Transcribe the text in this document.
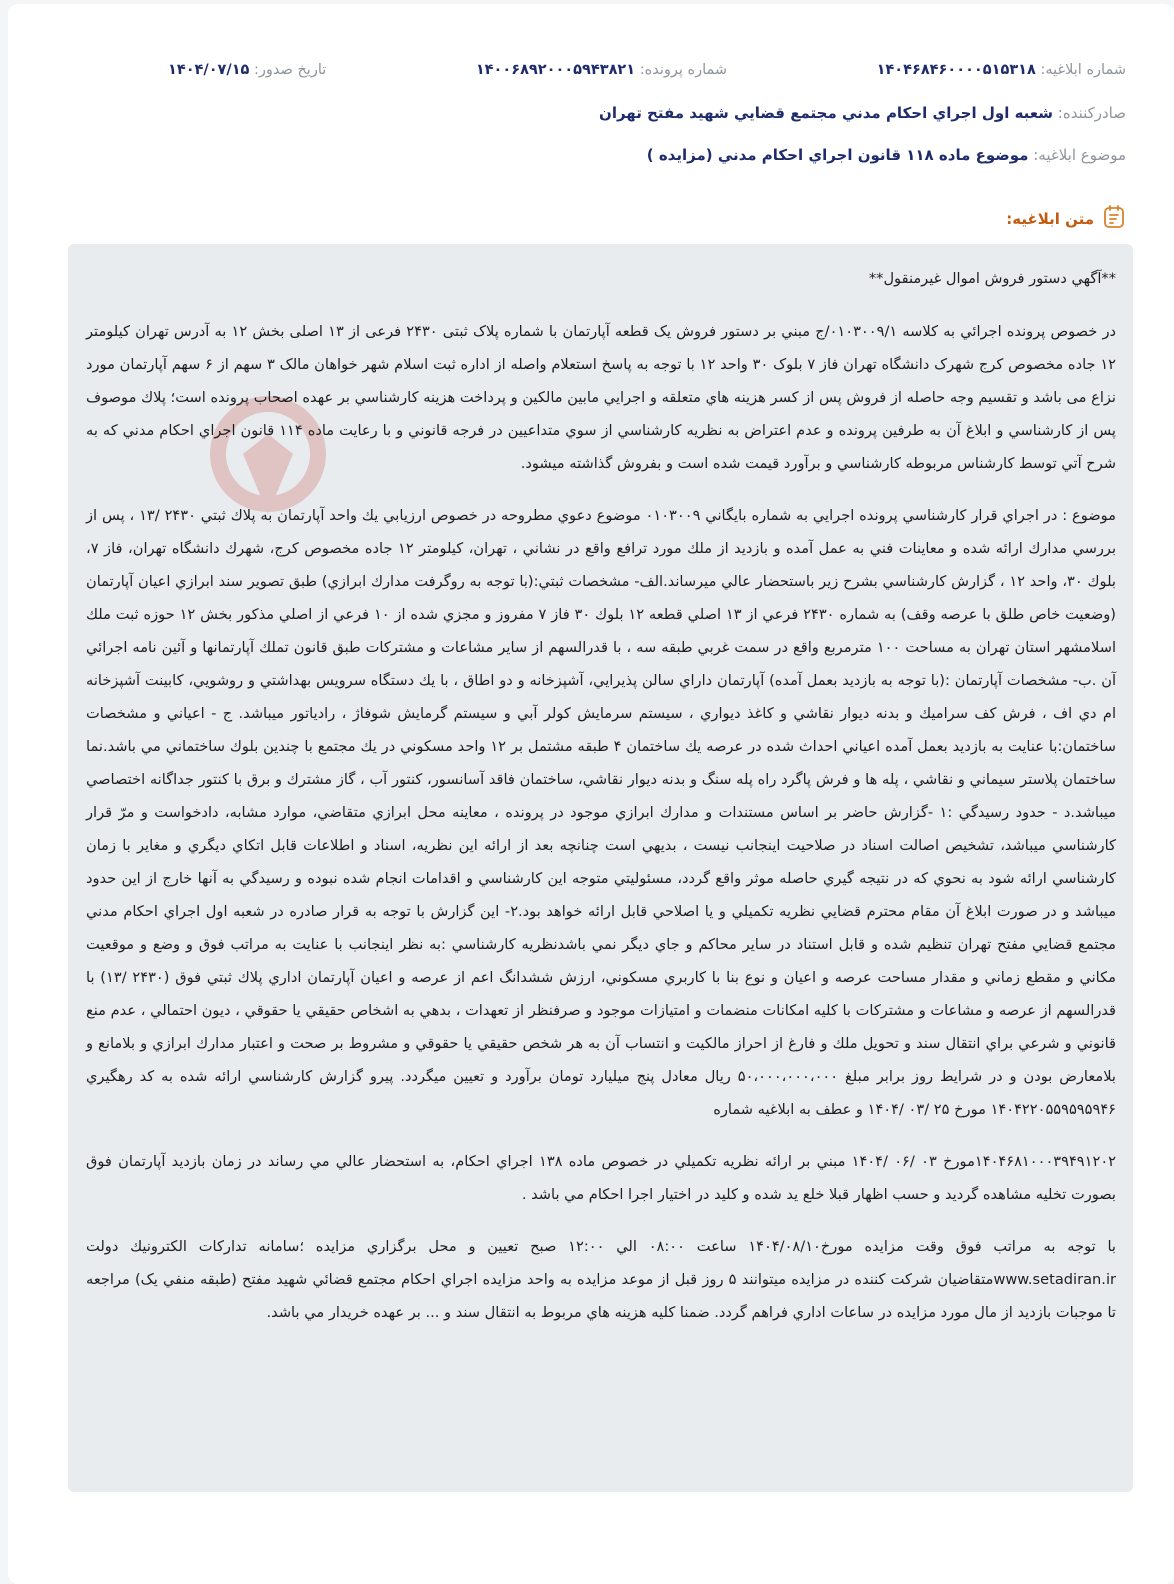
شماره ابلاغیه: ۱۴۰۴۶۸۴۶۰۰۰۰۵۱۵۳۱۸
شماره پرونده: ۱۴۰۰۶۸۹۲۰۰۰۵۹۴۳۸۲۱
تاریخ صدور: ۱۴۰۴/۰۷/۱۵
صادرکننده: شعبه اول اجراي احكام مدني مجتمع قضايي شهيد مفتح تهران
موضوع ابلاغیه: موضوع ماده ۱۱۸ قانون اجراي احكام مدني (مزايده )
متن ابلاغیه:

**آگهي دستور فروش اموال غيرمنقول**

در خصوص پرونده اجرائي به كلاسه ۰۱۰۳۰۰۹/۱/ج مبني بر دستور فروش يک قطعه آپارتمان با شماره پلاک ثبتی ۲۴۳۰ فرعی از ۱۳ اصلی بخش ۱۲ به آدرس تهران کیلومتر ۱۲ جاده مخصوص کرج شهرک دانشگاه تهران فاز ۷ بلوک ۳۰ واحد ۱۲ با توجه به پاسخ استعلام واصله از اداره ثبت اسلام شهر خواهان مالک ۳ سهم از ۶ سهم آپارتمان مورد نزاع می باشد و تقسیم وجه حاصله از فروش پس از کسر هزینه هاي متعلقه و اجرايي مابين مالكين و پرداخت هزينه كارشناسي بر عهده اصحاب پرونده است؛ پلاك موصوف پس از كارشناسي و ابلاغ آن به طرفين پرونده و عدم اعتراض به نظريه كارشناسي از سوي متداعيين در فرجه قانوني و با رعايت ماده ۱۱۴ قانون اجراي احكام مدني كه به شرح آتي توسط كارشناس مربوطه كارشناسي و برآورد قيمت شده است و بفروش گذاشته ميشود.

موضوع : در اجراي قرار كارشناسي پرونده اجرايي به شماره بايگاني ۰۱۰۳۰۰۹ موضوع دعوي مطروحه در خصوص ارزيابي يك واحد آپارتمان به پلاك ثبتي ۲۴۳۰ /۱۳ ، پس از بررسي مدارك ارائه شده و معاينات فني به عمل آمده و بازديد از ملك مورد ترافع واقع در نشاني ، تهران، كيلومتر ۱۲ جاده مخصوص كرج، شهرك دانشگاه تهران، فاز ۷، بلوك ۳۰، واحد ۱۲ ، گزارش كارشناسي بشرح زير باستحضار عالي ميرساند.الف- مشخصات ثبتي:(با توجه به روگرفت مدارك ابرازي) طبق تصوير سند ابرازي اعيان آپارتمان (وضعيت خاص طلق با عرصه وقف) به شماره ۲۴۳۰ فرعي از ۱۳ اصلي قطعه ۱۲ بلوك ۳۰ فاز ۷ مفروز و مجزي شده از ۱۰ فرعي از اصلي مذكور بخش ۱۲ حوزه ثبت ملك اسلامشهر استان تهران به مساحت ۱۰۰ مترمربع واقع در سمت غربي طبقه سه ، با قدرالسهم از ساير مشاعات و مشتركات طبق قانون تملك آپارتمانها و آئين نامه اجرائي آن .ب- مشخصات آپارتمان :(با توجه به بازديد بعمل آمده) آپارتمان داراي سالن پذيرايي، آشپزخانه و دو اطاق ، با يك دستگاه سرويس بهداشتي و روشويي، كابينت آشپزخانه ام دي اف ، فرش كف سراميك و بدنه ديوار نقاشي و كاغذ ديواري ، سيستم سرمايش كولر آبي و سيستم گرمايش شوفاژ ، رادياتور ميباشد. ج - اعياني و مشخصات ساختمان:با عنايت به بازديد بعمل آمده اعياني احداث شده در عرصه يك ساختمان ۴ طبقه مشتمل بر ۱۲ واحد مسكوني در يك مجتمع با چندين بلوك ساختماني مي باشد.نما ساختمان پلاستر سيماني و نقاشي ، پله ها و فرش پاگرد راه پله سنگ و بدنه ديوار نقاشي، ساختمان فاقد آسانسور، كنتور آب ، گاز مشترك و برق با كنتور جداگانه اختصاصي ميباشد.د - حدود رسيدگي :۱ -گزارش حاضر بر اساس مستندات و مدارك ابرازي موجود در پرونده ، معاينه محل ابرازي متقاضي، موارد مشابه، دادخواست و مرّ قرار كارشناسي ميباشد، تشخيص اصالت اسناد در صلاحيت اينجانب نيست ، بديهي است چنانچه بعد از ارائه اين نظريه، اسناد و اطلاعات قابل اتكاي ديگري و مغاير با زمان كارشناسي ارائه شود به نحوي كه در نتيجه گيري حاصله موثر واقع گردد، مسئوليتي متوجه اين كارشناسي و اقدامات انجام شده نبوده و رسيدگي به آنها خارج از اين حدود ميباشد و در صورت ابلاغ آن مقام محترم قضايي نظريه تكميلي و يا اصلاحي قابل ارائه خواهد بود.۲- اين گزارش با توجه به قرار صادره در شعبه اول اجراي احكام مدني مجتمع قضايي مفتح تهران تنظيم شده و قابل استناد در ساير محاكم و جاي ديگر نمي باشدنظريه كارشناسي :به نظر اينجانب با عنايت به مراتب فوق و وضع و موقعيت مكاني و مقطع زماني و مقدار مساحت عرصه و اعيان و نوع بنا با كاربري مسكوني، ارزش ششدانگ اعم از عرصه و اعيان آپارتمان اداري پلاك ثبتي فوق (۲۴۳۰ /۱۳) با قدرالسهم از عرصه و مشاعات و مشتركات با كليه امكانات منضمات و امتيازات موجود و صرفنظر از تعهدات ، بدهي به اشخاص حقيقي يا حقوقي ، ديون احتمالي ، عدم منع قانوني و شرعي براي انتقال سند و تحويل ملك و فارغ از احراز مالكيت و انتساب آن به هر شخص حقيقي يا حقوقي و مشروط بر صحت و اعتبار مدارك ابرازي و بلامانع و بلامعارض بودن و در شرايط روز برابر مبلغ ۵۰،۰۰۰،۰۰۰،۰۰۰ ريال معادل پنج ميليارد تومان برآورد و تعيين ميگردد. پيرو گزارش كارشناسي ارائه شده به كد رهگيري ۱۴۰۴۲۲۰۵۵۹۵۹۵۹۴۶ مورخ ۲۵ /۰۳ /۱۴۰۴ و عطف به ابلاغيه شماره

۱۴۰۴۶۸۱۰۰۰۳۹۴۹۱۲۰۲مورخ ۰۳ /۰۶ /۱۴۰۴ مبني بر ارائه نظريه تكميلي در خصوص ماده ۱۳۸ اجراي احكام، به استحضار عالي مي رساند در زمان بازديد آپارتمان فوق بصورت تخليه مشاهده گرديد و حسب اظهار قبلا خلع يد شده و كليد در اختيار اجرا احكام مي باشد .

با توجه به مراتب فوق وقت مزايده مورخ۱۴۰۴/۰۸/۱۰ ساعت ۰۸:۰۰ الي ۱۲:۰۰ صبح تعيين و محل برگزاري مزايده ؛سامانه تداركات الكترونيك دولت www.setadiran.irمتقاضيان شركت كننده در مزايده ميتوانند ۵ روز قبل از موعد مزايده به واحد مزايده اجراي احكام مجتمع قضائي شهيد مفتح (طبقه منفي يک) مراجعه تا موجبات بازديد از مال مورد مزايده در ساعات اداري فراهم گردد. ضمنا كليه هزينه هاي مربوط به انتقال سند و ... بر عهده خريدار مي باشد.
